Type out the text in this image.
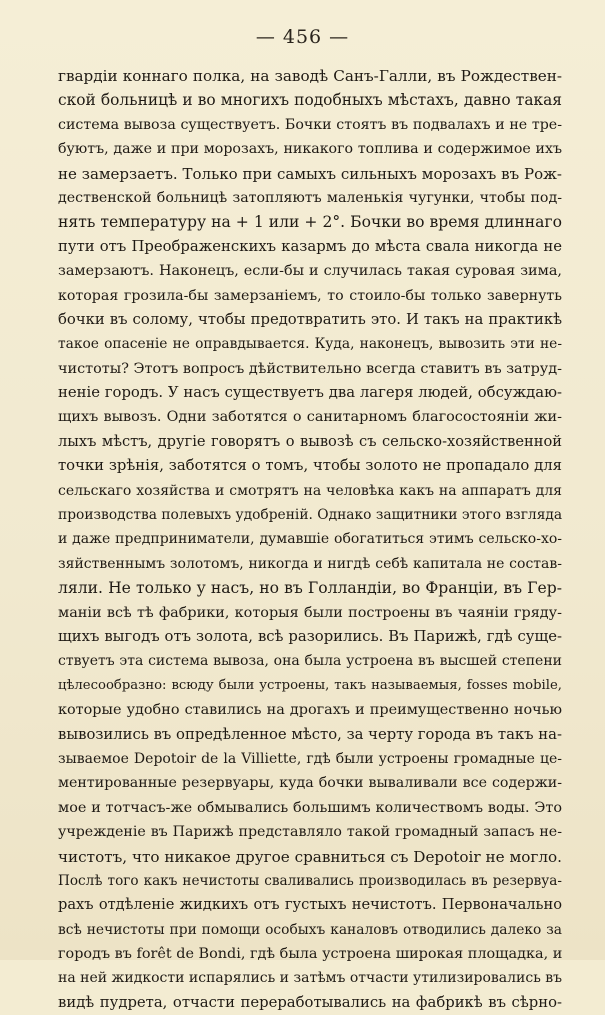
— 456 —
гвардіи коннаго полка, на заводѣ Санъ-Галли, въ Рождествен-
ской больницѣ и во многихъ подобныхъ мѣстахъ, давно такая
система вывоза существуетъ. Бочки стоятъ въ подвалахъ и не тре-
буютъ, даже и при морозахъ, никакого топлива и содержимое ихъ
не замерзаетъ. Только при самыхъ сильныхъ морозахъ въ Рож-
дественской больницѣ затопляютъ маленькія чугунки, чтобы под-
нять температуру на + 1 или + 2°. Бочки во время длиннаго
пути отъ Преображенскихъ казармъ до мѣста свала никогда не
замерзаютъ. Наконецъ, если-бы и случилась такая суровая зима,
которая грозила-бы замерзаніемъ, то стоило-бы только завернуть
бочки въ солому, чтобы предотвратить это. И такъ на практикѣ
такое опасеніе не оправдывается. Куда, наконецъ, вывозить эти не-
чистоты? Этотъ вопросъ дѣйствительно всегда ставитъ въ затруд-
неніе городъ. У насъ существуетъ два лагеря людей, обсуждаю-
щихъ вывозъ. Одни заботятся о санитарномъ благосостояніи жи-
лыхъ мѣстъ, другіе говорятъ о вывозѣ съ сельско-хозяйственной
точки зрѣнія, заботятся о томъ, чтобы золото не пропадало для
сельскаго хозяйства и смотрятъ на человѣка какъ на аппаратъ для
производства полевыхъ удобреній. Однако защитники этого взгляда
и даже предприниматели, думавшіе обогатиться этимъ сельско-хо-
зяйственнымъ золотомъ, никогда и нигдѣ себѣ капитала не состав-
ляли. Не только у насъ, но въ Голландіи, во Франціи, въ Гер-
маніи всѣ тѣ фабрики, которыя были построены въ чаяніи гряду-
щихъ выгодъ отъ золота, всѣ разорились. Въ Парижѣ, гдѣ суще-
ствуетъ эта система вывоза, она была устроена въ высшей степени
цѣлесообразно: всюду были устроены, такъ называемыя, fosses mobile,
которые удобно ставились на дрогахъ и преимущественно ночью
вывозились въ опредѣленное мѣсто, за черту города въ такъ на-
зываемое Depotoir de la Villiette, гдѣ были устроены громадные це-
ментированные резервуары, куда бочки вываливали все содержи-
мое и тотчасъ-же обмывались большимъ количествомъ воды. Это
учрежденіе въ Парижѣ представляло такой громадный запасъ не-
чистотъ, что никакое другое сравниться съ Depotoir не могло.
Послѣ того какъ нечистоты сваливались производилась въ резервуа-
рахъ отдѣленіе жидкихъ отъ густыхъ нечистотъ. Первоначально
всѣ нечистоты при помощи особыхъ каналовъ отводились далеко за
городъ въ forêt de Bondi, гдѣ была устроена широкая площадка, и
на ней жидкости испарялись и затѣмъ отчасти утилизировались въ
видѣ пудрета, отчасти переработывались на фабрикѣ въ сѣрно-
